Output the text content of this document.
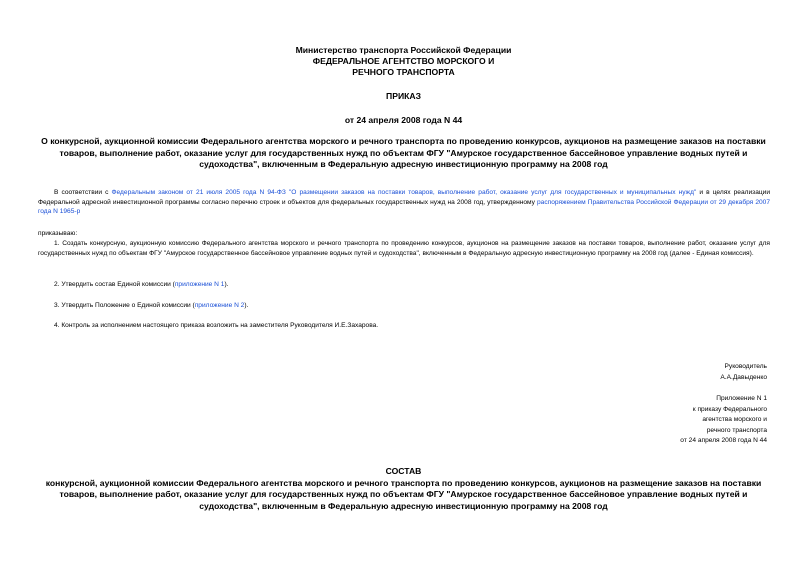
Министерство транспорта Российской Федерации
ФЕДЕРАЛЬНОЕ АГЕНТСТВО МОРСКОГО И
РЕЧНОГО ТРАНСПОРТА
ПРИКАЗ
от 24 апреля 2008 года N 44
О конкурсной, аукционной комиссии Федерального агентства морского и речного транспорта по проведению конкурсов, аукционов на размещение заказов на поставки товаров, выполнение работ, оказание услуг для государственных нужд по объектам ФГУ "Амурское государственное бассейновое управление водных путей и судоходства", включенным в Федеральную адресную инвестиционную программу на 2008 год
В соответствии с Федеральным законом от 21 июля 2005 года N 94-ФЗ "О размещении заказов на поставки товаров, выполнение работ, оказание услуг для государственных и муниципальных нужд" и в целях реализации Федеральной адресной инвестиционной программы согласно перечню строек и объектов для федеральных государственных нужд на 2008 год, утвержденному распоряжением Правительства Российской Федерации от 29 декабря 2007 года N 1965-р
приказываю:
1. Создать конкурсную, аукционную комиссию Федерального агентства морского и речного транспорта по проведению конкурсов, аукционов на размещение заказов на поставки товаров, выполнение работ, оказание услуг для государственных нужд по объектам ФГУ "Амурское государственное бассейновое управление водных путей и судоходства", включенным в Федеральную адресную инвестиционную программу на 2008 год (далее - Единая комиссия).
2. Утвердить состав Единой комиссии (приложение N 1).
3. Утвердить Положение о Единой комиссии (приложение N 2).
4. Контроль за исполнением настоящего приказа возложить на заместителя Руководителя И.Е.Захарова.
Руководитель
А.А.Давыденко
Приложение N 1
к приказу Федерального
агентства морского и
речного транспорта
от 24 апреля 2008 года N 44
СОСТАВ
конкурсной, аукционной комиссии Федерального агентства морского и речного транспорта по проведению конкурсов, аукционов на размещение заказов на поставки товаров, выполнение работ, оказание услуг для государственных нужд по объектам ФГУ "Амурское государственное бассейновое управление водных путей и судоходства", включенным в Федеральную адресную инвестиционную программу на 2008 год
